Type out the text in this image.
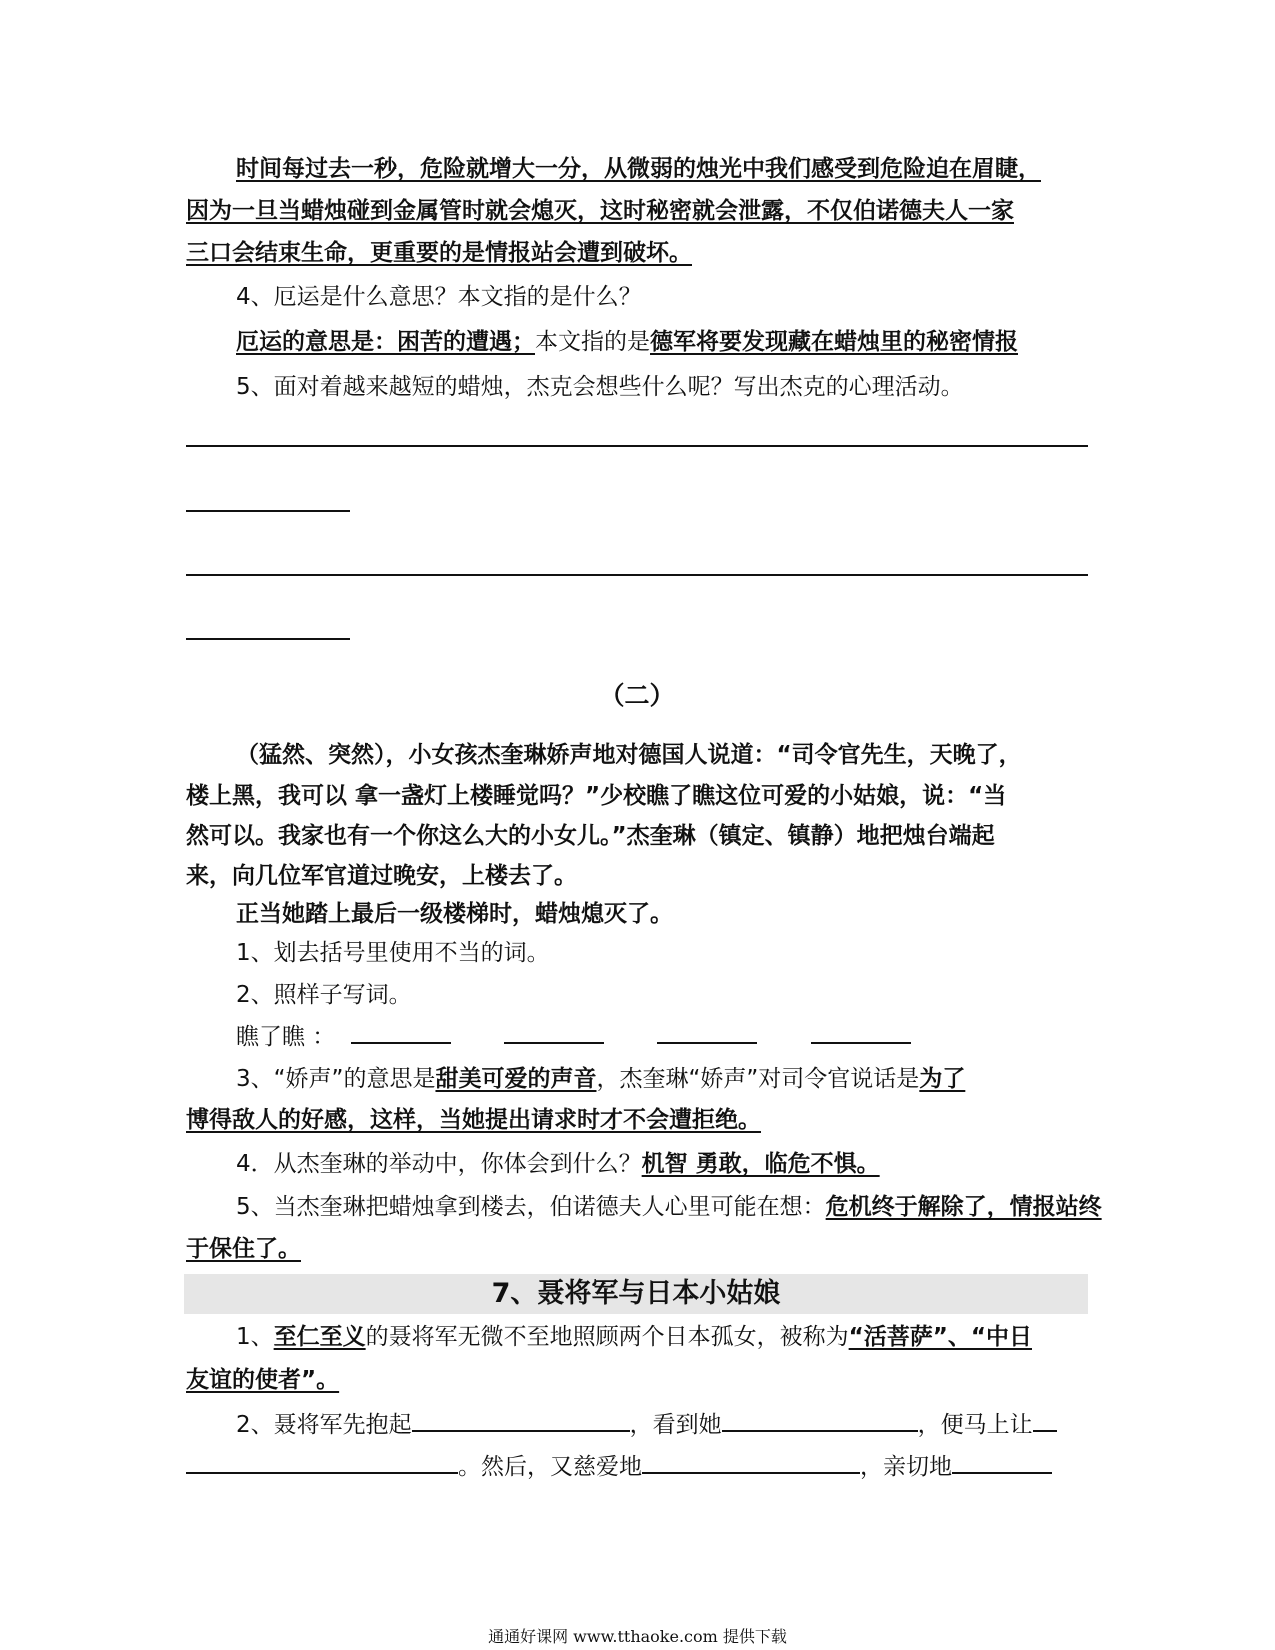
时间每过去一秒，危险就增大一分，从微弱的烛光中我们感受到危险迫在眉睫，
因为一旦当蜡烛碰到金属管时就会熄灭，这时秘密就会泄露，不仅伯诺德夫人一家
三口会结束生命，更重要的是情报站会遭到破坏。
4、厄运是什么意思？本文指的是什么？
厄运的意思是：困苦的遭遇；本文指的是德军将要发现藏在蜡烛里的秘密情报
5、面对着越来越短的蜡烛，杰克会想些什么呢？写出杰克的心理活动。
（二）
（猛然、突然），小女孩杰奎琳娇声地对德国人说道：“司令官先生，天晚了，
楼上黑，我可以 拿一盏灯上楼睡觉吗？”少校瞧了瞧这位可爱的小姑娘，说：“当
然可以。我家也有一个你这么大的小女儿。”杰奎琳（镇定、镇静）地把烛台端起
来，向几位军官道过晚安，上楼去了。
正当她踏上最后一级楼梯时，蜡烛熄灭了。
1、划去括号里使用不当的词。
2、照样子写词。
瞧了瞧 ：
3、“娇声”的意思是甜美可爱的声音，杰奎琳“娇声”对司令官说话是为了
博得敌人的好感，这样，当她提出请求时才不会遭拒绝。
4．从杰奎琳的举动中，你体会到什么？机智 勇敢，临危不惧。
5、当杰奎琳把蜡烛拿到楼去，伯诺德夫人心里可能在想：危机终于解除了，情报站终
于保住了。
7、聂将军与日本小姑娘
1、至仁至义的聂将军无微不至地照顾两个日本孤女，被称为“活菩萨”、“中日
友谊的使者”。
2、聂将军先抱起	，看到她	，便马上让
。然后，又慈爱地	，亲切地
通通好课网 www.tthaoke.com 提供下载
